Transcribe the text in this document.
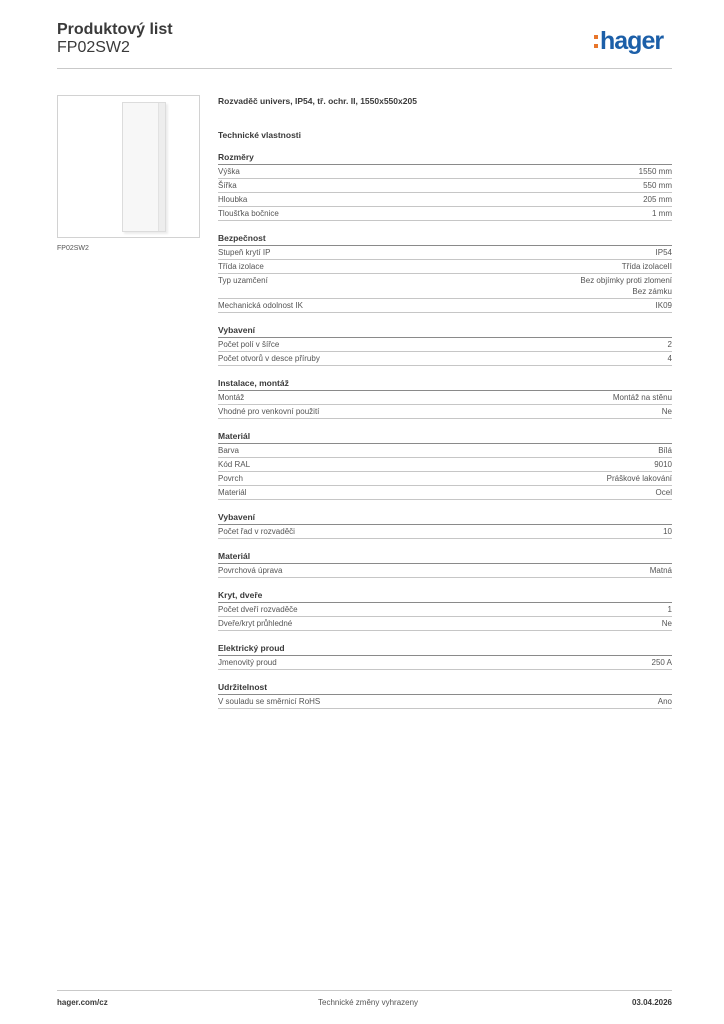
Produktový list
FP02SW2	hager
FP02SW2
Rozvaděč univers, IP54, tř. ochr. II, 1550x550x205
Technické vlastnosti
Rozměry
Výška	1550 mm
Šířka	550 mm
Hloubka	205 mm
Tloušťka bočnice	1 mm
Bezpečnost
Stupeň krytí IP	IP54
Třída izolace	Třída izolaceII
Typ uzamčení	Bez objímky proti zlomení
Bez zámku
Mechanická odolnost IK	IK09
Vybavení
Počet polí v šířce	2
Počet otvorů v desce příruby	4
Instalace, montáž
Montáž	Montáž na stěnu
Vhodné pro venkovní použití	Ne
Materiál
Barva	Bílá
Kód RAL	9010
Povrch	Práškové lakování
Materiál	Ocel
Vybavení
Počet řad v rozvaděči	10
Materiál
Povrchová úprava	Matná
Kryt, dveře
Počet dveří rozvaděče	1
Dveře/kryt průhledné	Ne
Elektrický proud
Jmenovitý proud	250 A
Udržitelnost
V souladu se směrnicí RoHS	Ano
hager.com/cz	Technické změny vyhrazeny	03.04.2026
